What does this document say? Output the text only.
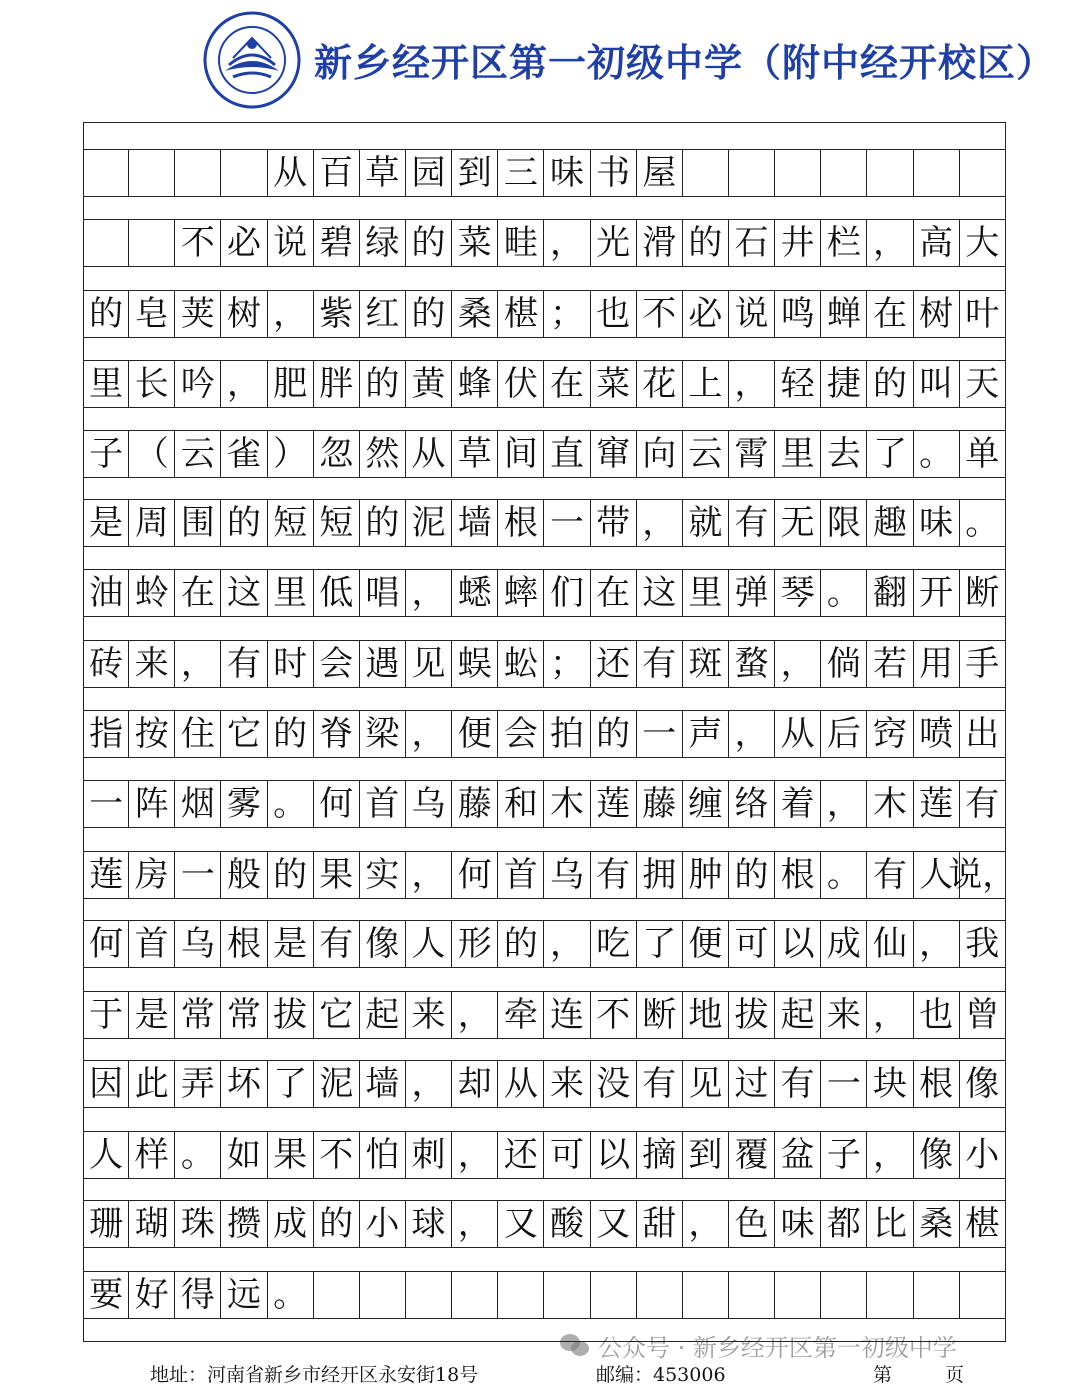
新乡经开区第一初级中学（附中经开校区）
公众号 · 新乡经开区第一初级中学
地址：河南省新乡市经开区永安街18号	邮编：453006	第	页
从 百 草 园 到 三 味 书 屋
不 必 说 碧 绿 的 菜 畦 ， 光 滑 的 石 井 栏 ， 高 大
的 皂 荚 树 ， 紫 红 的 桑 椹 ； 也 不 必 说 鸣 蝉 在 树 叶
里 长 吟 ， 肥 胖 的 黄 蜂 伏 在 菜 花 上 ， 轻 捷 的 叫 天
子 （ 云 雀 ） 忽 然 从 草 间 直 窜 向 云 霄 里 去 了 。 单
是 周 围 的 短 短 的 泥 墙 根 一 带 ， 就 有 无 限 趣 味 。
油 蛉 在 这 里 低 唱 ， 蟋 蟀 们 在 这 里 弹 琴 。 翻 开 断
砖 来 ， 有 时 会 遇 见 蜈 蚣 ； 还 有 斑 蝥 ， 倘 若 用 手
指 按 住 它 的 脊 梁 ， 便 会 拍 的 一 声 ， 从 后 窍 喷 出
一 阵 烟 雾 。 何 首 乌 藤 和 木 莲 藤 缠 络 着 ， 木 莲 有
莲 房 一 般 的 果 实 ， 何 首 乌 有 拥 肿 的 根 。 有 人
说，
何 首 乌 根 是 有 像 人 形 的 ， 吃 了 便 可 以 成 仙 ， 我
于 是 常 常 拔 它 起 来 ， 牵 连 不 断 地 拔 起 来 ， 也 曾
因 此 弄 坏 了 泥 墙 ， 却 从 来 没 有 见 过 有 一 块 根 像
人 样 。 如 果 不 怕 刺 ， 还 可 以 摘 到 覆 盆 子 ， 像 小
珊 瑚 珠 攒 成 的 小 球 ， 又 酸 又 甜 ， 色 味 都 比 桑 椹
要 好 得 远 。
